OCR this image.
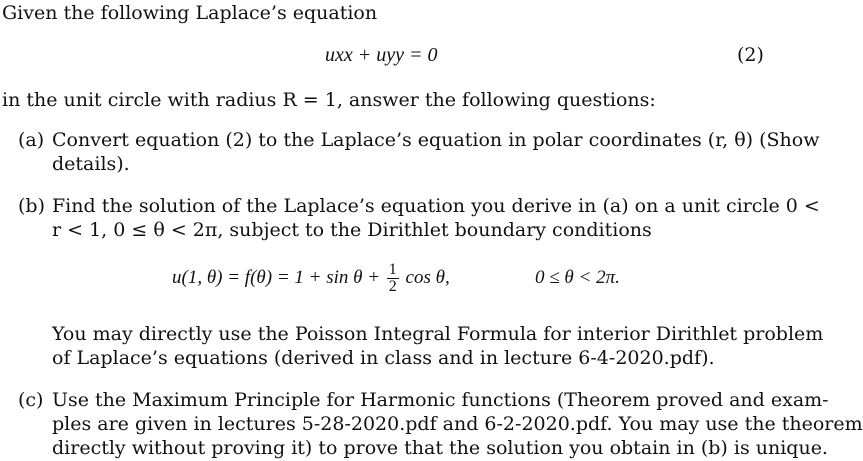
Given the following Laplace’s equation
uxx + uyy = 0	(2)
in the unit circle with radius R = 1, answer the following questions:
(a) Convert equation (2) to the Laplace’s equation in polar coordinates (r, θ) (Show
details).
(b) Find the solution of the Laplace’s equation you derive in (a) on a unit circle 0 <
r < 1, 0 ≤ θ < 2π, subject to the Dirithlet boundary conditions
u(1, $\theta) = f(\theta) = 1 + \sin \theta + \frac{1}{2}$ cos θ,	0 ≤ θ < 2π.
You may directly use the Poisson Integral Formula for interior Dirithlet problem
of Laplace’s equations (derived in class and in lecture 6-4-2020.pdf).
(c) Use the Maximum Principle for Harmonic functions (Theorem proved and exam-
ples are given in lectures 5-28-2020.pdf and 6-2-2020.pdf. You may use the theorem
directly without proving it) to prove that the solution you obtain in (b) is unique.
